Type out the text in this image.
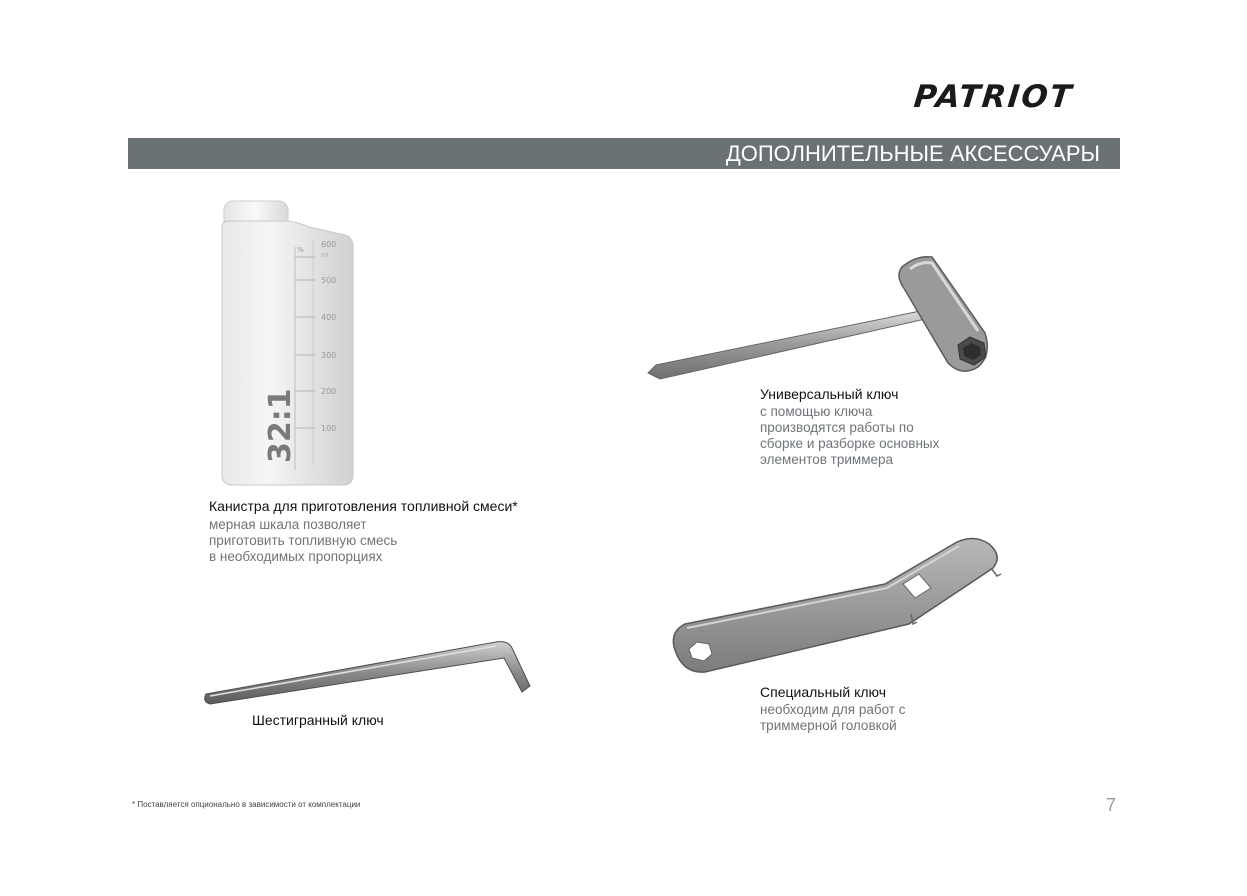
PATRIOT
ДОПОЛНИТЕЛЬНЫЕ АКСЕССУАРЫ
%
600
ml
500
400
300
200
100
32:1
Канистра для приготовления топливной смеси*
мерная шкала позволяет
приготовить топливную смесь
в необходимых пропорциях
Универсальный ключ
с помощью ключа
производятся работы по
сборке и разборке основных
элементов триммера
Специальный ключ
необходим для работ с
триммерной головкой
Шестигранный ключ
* Поставляется опционально в зависимости от комплектации	7
